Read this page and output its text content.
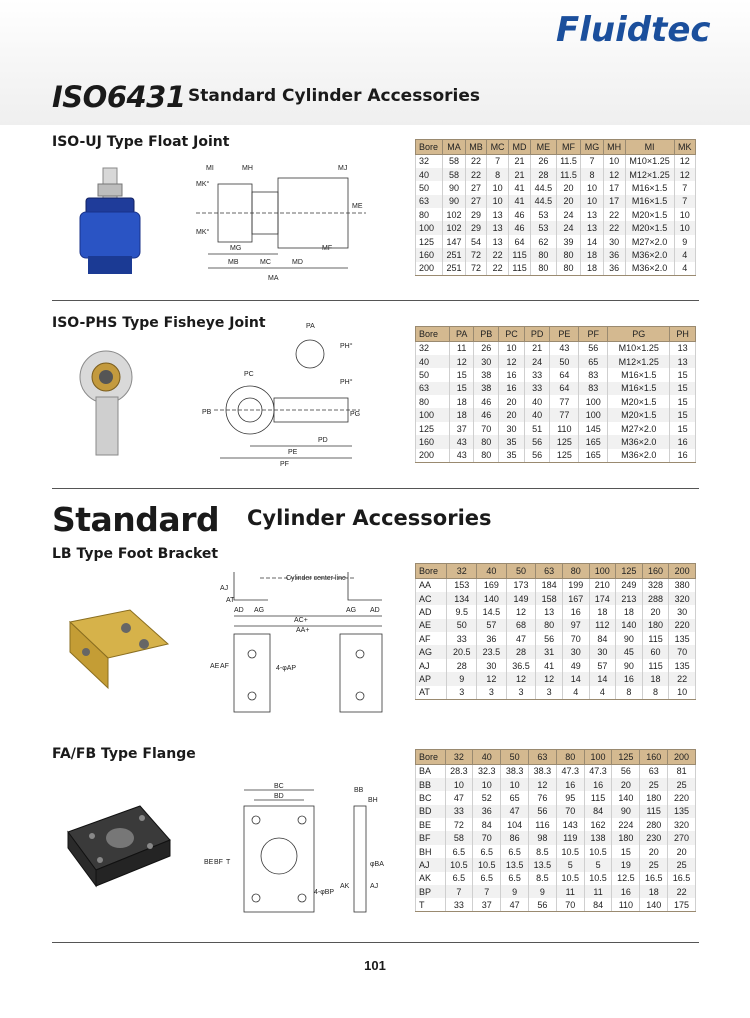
Fluidtec
ISO6431 Standard Cylinder Accessories
ISO-UJ Type Float Joint
MI	MH	MJ
MK°
MK°
ME
MG
MB	MC	MD
MF
MA
Bore	MA	MB	MC	MD	ME	MF	MG	MH	MI	MK
32	58	22	7	21	26	11.5	7	10	M10×1.25	12
40	58	22	8	21	28	11.5	8	12	M12×1.25	12
50	90	27	10	41	44.5	20	10	17	M16×1.5	7
63	90	27	10	41	44.5	20	10	17	M16×1.5	7
80	102	29	13	46	53	24	13	22	M20×1.5	10
100	102	29	13	46	53	24	13	22	M20×1.5	10
125	147	54	13	64	62	39	14	30	M27×2.0	9
160	251	72	22	115	80	80	18	36	M36×2.0	4
200	251	72	22	115	80	80	18	36	M36×2.0	4
ISO-PHS Type Fisheye Joint	PA
PH°
PH°
PC
PB	PG
PD
PE
PF
Bore	PA	PB	PC	PD	PE	PF	PG	PH
32	11	26	10	21	43	56	M10×1.25	13
40	12	30	12	24	50	65	M12×1.25	13
50	15	38	16	33	64	83	M16×1.5	15
63	15	38	16	33	64	83	M16×1.5	15
80	18	46	20	40	77	100	M20×1.5	15
100	18	46	20	40	77	100	M20×1.5	15
125	37	70	30	51	110	145	M27×2.0	15
160	43	80	35	56	125	165	M36×2.0	16
200	43	80	35	56	125	165	M36×2.0	16
Standard Cylinder Accessories
LB Type Foot Bracket
Cylinder center line
AJ
AT
AD AG	AG AD
AC+
AA+
AE AF	4-φAP
Bore	32	40	50	63	80	100	125	160	200
AA	153	169	173	184	199	210	249	328	380
AC	134	140	149	158	167	174	213	288	320
AD	9.5	14.5	12	13	16	18	18	20	30
AE	50	57	68	80	97	112	140	180	220
AF	33	36	47	56	70	84	90	115	135
AG	20.5	23.5	28	31	30	30	45	60	70
AJ	28	30	36.5	41	49	57	90	115	135
AP	9	12	12	12	14	14	16	18	22
AT	3	3	3	3	4	4	8	8	10
FA/FB Type Flange
BC
BD
BB
BH
BE BF T	φBA
AK	AJ
4-φBP
Bore	32	40	50	63	80	100	125	160	200
BA	28.3	32.3	38.3	38.3	47.3	47.3	56	63	81
BB	10	10	10	12	16	16	20	25	25
BC	47	52	65	76	95	115	140	180	220
BD	33	36	47	56	70	84	90	115	135
BE	72	84	104	116	143	162	224	280	320
BF	58	70	86	98	119	138	180	230	270
BH	6.5	6.5	6.5	8.5	10.5	10.5	15	20	20
AJ	10.5	10.5	13.5	13.5	5	5	19	25	25
AK	6.5	6.5	6.5	8.5	10.5	10.5	12.5	16.5	16.5
BP	7	7	9	9	11	11	16	18	22
T	33	37	47	56	70	84	110	140	175
101
